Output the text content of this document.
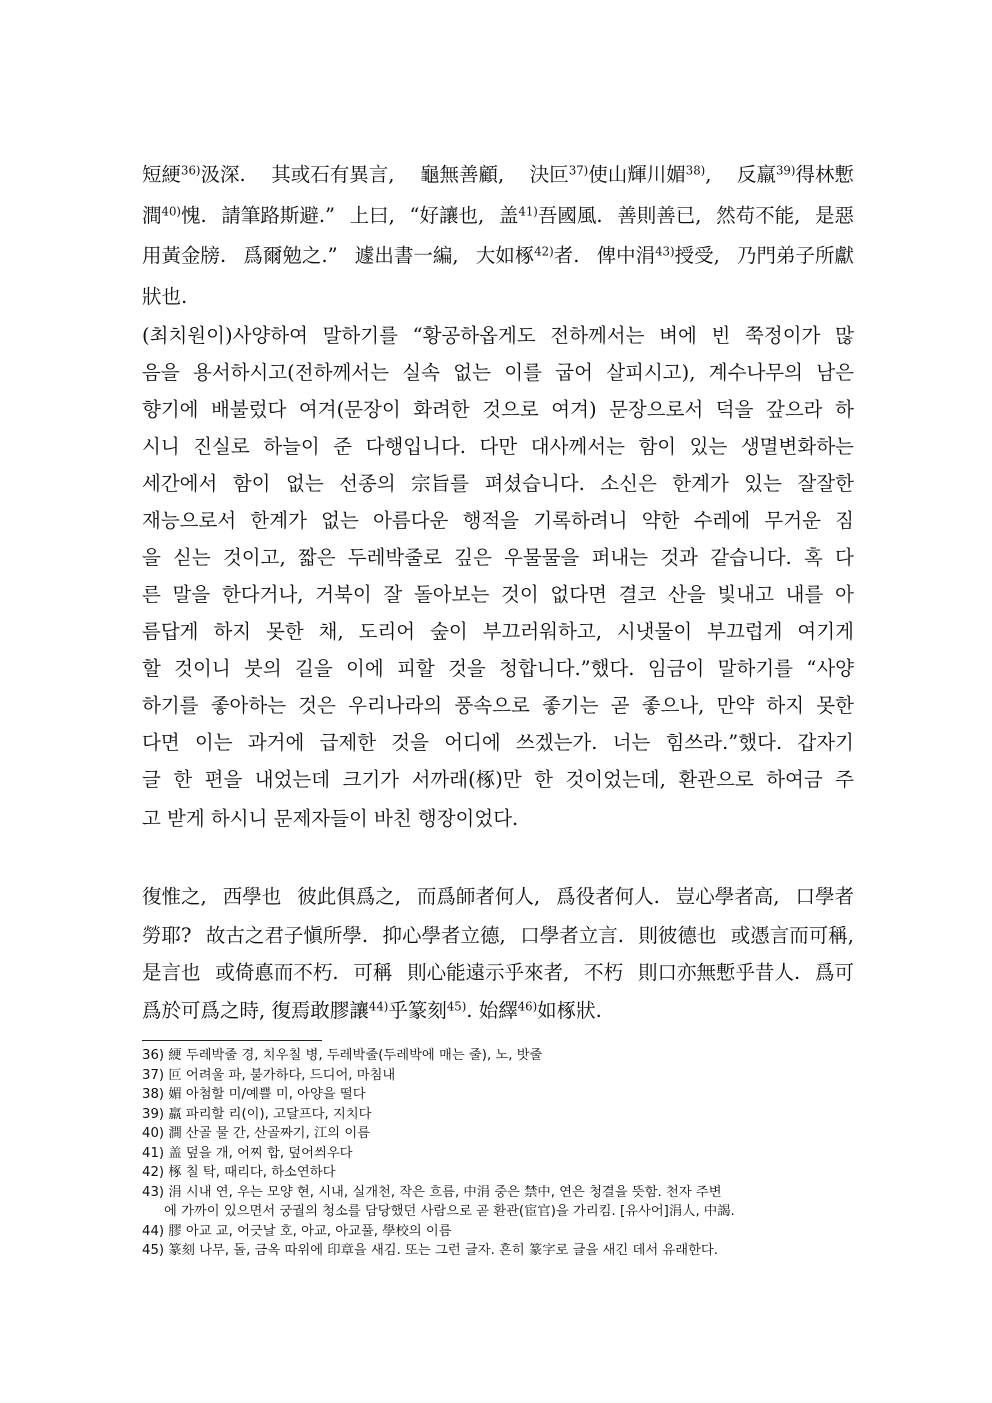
短綆$^{36)}$汲深. 其或石有異言, 龜無善顧, 決叵$^{37)}$使山輝川媚$^{38)}$, 反羸$^{39)}$得林慙
澗$^{40)}$愧. 請筆路斯避.” 上曰, “好讓也, 盖$^{41)}$吾國風. 善則善已, 然苟不能, 是惡
用黃金牓. 爲爾勉之.” 遽出書一編, 大如椓$^{42)}$者. 俾中涓$^{43)}$授受, 乃門弟子所獻
狀也.
(최치원이)사양하여 말하기를 “황공하옵게도 전하께서는 벼에 빈 쭉정이가 많
음을 용서하시고(전하께서는 실속 없는 이를 굽어 살피시고), 계수나무의 남은
향기에 배불렀다 여겨(문장이 화려한 것으로 여겨) 문장으로서 덕을 갚으라 하
시니 진실로 하늘이 준 다행입니다. 다만 대사께서는 함이 있는 생멸변화하는
세간에서 함이 없는 선종의 宗旨를 펴셨습니다. 소신은 한계가 있는 잘잘한
재능으로서 한계가 없는 아름다운 행적을 기록하려니 약한 수레에 무거운 짐
을 싣는 것이고, 짧은 두레박줄로 깊은 우물물을 퍼내는 것과 같습니다. 혹 다
른 말을 한다거나, 거북이 잘 돌아보는 것이 없다면 결코 산을 빛내고 내를 아
름답게 하지 못한 채, 도리어 숲이 부끄러워하고, 시냇물이 부끄럽게 여기게
할 것이니 붓의 길을 이에 피할 것을 청합니다.”했다. 임금이 말하기를 “사양
하기를 좋아하는 것은 우리나라의 풍속으로 좋기는 곧 좋으나, 만약 하지 못한
다면 이는 과거에 급제한 것을 어디에 쓰겠는가. 너는 힘쓰라.”했다. 갑자기
글 한 편을 내었는데 크기가 서까래(椓)만 한 것이었는데, 환관으로 하여금 주
고 받게 하시니 문제자들이 바친 행장이었다.
復惟之, 西學也 彼此俱爲之, 而爲師者何人, 爲役者何人. 豈心學者高, 口學者
勞耶? 故古之君子愼所學. 抑心學者立德, 口學者立言. 則彼德也 或憑言而可稱,
是言也 或倚悳而不朽. 可稱 則心能遠示乎來者, 不朽 則口亦無慙乎昔人. 爲可
爲於可爲之時, 復焉敢膠讓$^{44)}$乎篆刻$^{45)}$. 始繹$^{46)}$如椓狀.
36) 綆 두레박줄 경, 치우칠 병, 두레박줄(두레박에 매는 줄), 노, 밧줄
37) 叵 어려울 파, 불가하다, 드디어, 마침내
38) 媚 아첨할 미/예쁠 미, 아양을 떨다
39) 羸 파리할 리(이), 고달프다, 지치다
40) 澗 산골 물 간, 산골짜기, 江의 이름
41) 盖 덮을 개, 어찌 합, 덮어씌우다
42) 椓 칠 탁, 때리다, 하소연하다
43) 涓 시내 연, 우는 모양 현, 시내, 실개천, 작은 흐름, 中涓 중은 禁中, 연은 청결을 뜻함. 천자 주변
에 가까이 있으면서 궁궐의 청소를 담당했던 사람으로 곧 환관(宦官)을 가리킴. [유사어]涓人, 中謁.
44) 膠 아교 교, 어긋날 호, 아교, 아교풀, 學校의 이름
45) 篆刻 나무, 돌, 금옥 따위에 印章을 새김. 또는 그런 글자. 흔히 篆字로 글을 새긴 데서 유래한다.
